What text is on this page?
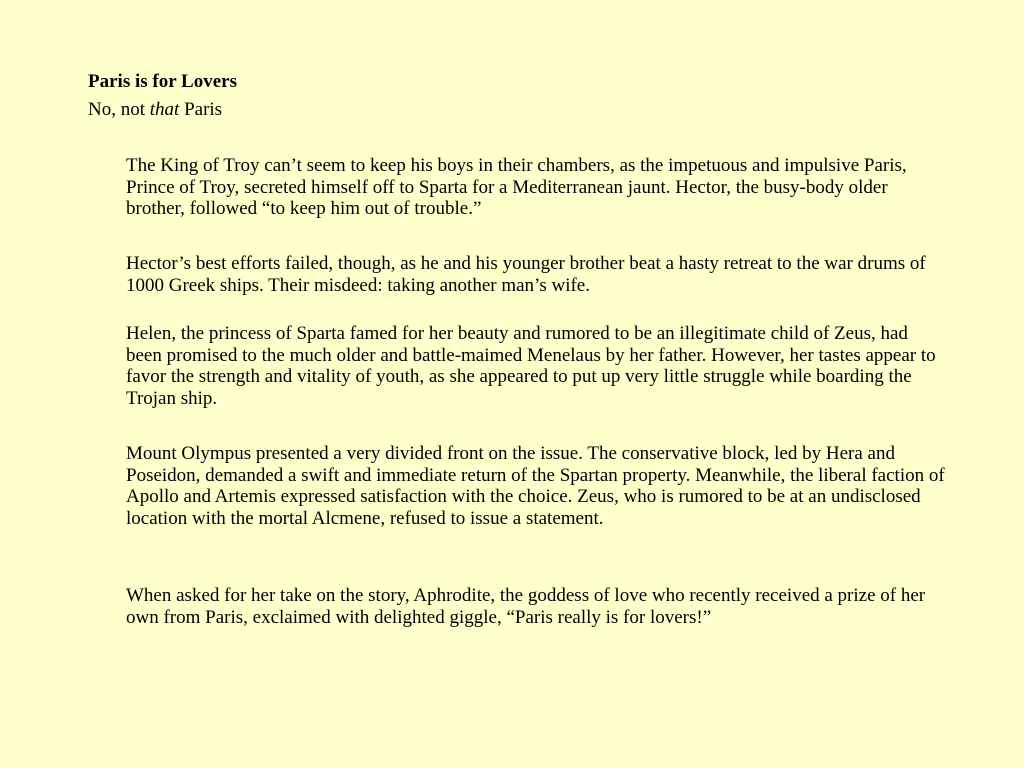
Paris is for Lovers

No, not that Paris

The King of Troy can’t seem to keep his boys in their chambers, as the impetuous and impulsive Paris, Prince of Troy, secreted himself off to Sparta for a Mediterranean jaunt. Hector, the busy-body older brother, followed “to keep him out of trouble.”

Hector’s best efforts failed, though, as he and his younger brother beat a hasty retreat to the war drums of 1000 Greek ships. Their misdeed: taking another man’s wife.

Helen, the princess of Sparta famed for her beauty and rumored to be an illegitimate child of Zeus, had been promised to the much older and battle-maimed Menelaus by her father. However, her tastes appear to favor the strength and vitality of youth, as she appeared to put up very little struggle while boarding the Trojan ship.

Mount Olympus presented a very divided front on the issue. The conservative block, led by Hera and Poseidon, demanded a swift and immediate return of the Spartan property. Meanwhile, the liberal faction of Apollo and Artemis expressed satisfaction with the choice. Zeus, who is rumored to be at an undisclosed location with the mortal Alcmene, refused to issue a statement.

When asked for her take on the story, Aphrodite, the goddess of love who recently received a prize of her own from Paris, exclaimed with delighted giggle, “Paris really is for lovers!”
